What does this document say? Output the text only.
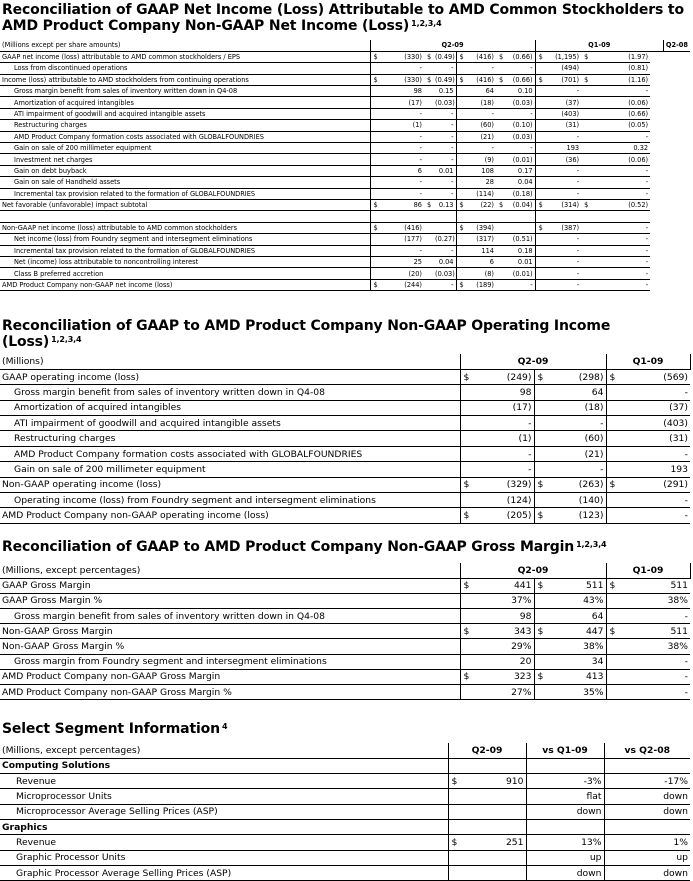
Reconciliation of GAAP Net Income (Loss) Attributable to AMD Common Stockholders to
AMD Product Company Non-GAAP Net Income (Loss) $^{1,2,3,4}$
(Millions except per share amounts)	Q2-09								Q1-09				Q2-08
GAAP net income (loss) attributable to AMD common stockholders / EPS	$	(330)	$	(0.49)	$	(416)	$	(0.66)	$	(1,195)	$	(1.97)	
Loss from discontinued operations		-		-		-		-		(494)		(0.81)	
Income (loss) attributable to AMD stockholders from continuing operations	$	(330)	$	(0.49)	$	(416)	$	(0.66)	$	(701)	$	(1.16)	
Gross margin benefit from sales of inventory written down in Q4-08		98		0.15		64		0.10		-		-	
Amortization of acquired intangibles		(17)		(0.03)		(18)		(0.03)		(37)		(0.06)	
ATI impairment of goodwill and acquired intangible assets		-		-		-		-		(403)		(0.66)	
Restructuring charges		(1)		-		(60)		(0.10)		(31)		(0.05)	
AMD Product Company formation costs associated with GLOBALFOUNDRIES		-		-		(21)		(0.03)		-		-	
Gain on sale of 200 millimeter equipment		-		-		-		-		193		0.32	
Investment net charges		-		-		(9)		(0.01)		(36)		(0.06)	
Gain on debt buyback		6		0.01		108		0.17		-		-	
Gain on sale of Handheld assets		-		-		28		0.04		-		-	
Incremental tax provision related to the formation of GLOBALFOUNDRIES		-		-		(114)		(0.18)		-		-	
Net favorable (unfavorable) impact subtotal	$	86	$	0.13	$	(22)	$	(0.04)	$	(314)	$	(0.52)	

Non-GAAP net income (loss) attributable to AMD common stockholders	$	(416)			$	(394)			$	(387)		-	
Net income (loss) from Foundry segment and intersegment eliminations		(177)		(0.27)		(317)		(0.51)		-		-	
Incremental tax provision related to the formation of GLOBALFOUNDRIES		-		-		114		0.18		-		-	
Net (income) loss attributable to noncontrolling interest		25		0.04		6		0.01		-		-	
Class B preferred accretion		(20)		(0.03)		(8)		(0.01)		-		-	
AMD Product Company non-GAAP net income (loss)	$	(244)		-	$	(189)		-		-		-	
Reconciliation of GAAP to AMD Product Company Non-GAAP Operating Income
(Loss) $^{1,2,3,4}$
(Millions)	Q2-09				Q1-09	
GAAP operating income (loss)	$	(249)	$	(298)	$	(569)	
Gross margin benefit from sales of inventory written down in Q4-08		98		64		-	
Amortization of acquired intangibles		(17)		(18)		(37)	
ATI impairment of goodwill and acquired intangible assets		-		-		(403)	
Restructuring charges		(1)		(60)		(31)	
AMD Product Company formation costs associated with GLOBALFOUNDRIES		-		(21)		-	
Gain on sale of 200 millimeter equipment		-		-		193	
Non-GAAP operating income (loss)	$	(329)	$	(263)	$	(291)	
Operating income (loss) from Foundry segment and intersegment eliminations		(124)		(140)		-	
AMD Product Company non-GAAP operating income (loss)	$	(205)	$	(123)		-	
Reconciliation of GAAP to AMD Product Company Non-GAAP Gross Margin $^{1,2,3,4}$
(Millions, except percentages)	Q2-09				Q1-09	
GAAP Gross Margin	$	441	$	511	$	511	
GAAP Gross Margin %		37%		43%		38%	
Gross margin benefit from sales of inventory written down in Q4-08		98		64		-	
Non-GAAP Gross Margin	$	343	$	447	$	511	
Non-GAAP Gross Margin %		29%		38%		38%	
Gross margin from Foundry segment and intersegment eliminations		20		34		-	
AMD Product Company non-GAAP Gross Margin	$	323	$	413		-	
AMD Product Company non-GAAP Gross Margin %		27%		35%		-	
Select Segment Information $^4$
(Millions, except percentages)	Q2-09		vs Q1-09	vs Q2-08
Computing Solutions				
Revenue	$	910	-3%	-17%
Microprocessor Units			flat	down
Microprocessor Average Selling Prices (ASP)			down	down
Graphics				
Revenue	$	251	13%	1%
Graphic Processor Units			up	up
Graphic Processor Average Selling Prices (ASP)			down	down
